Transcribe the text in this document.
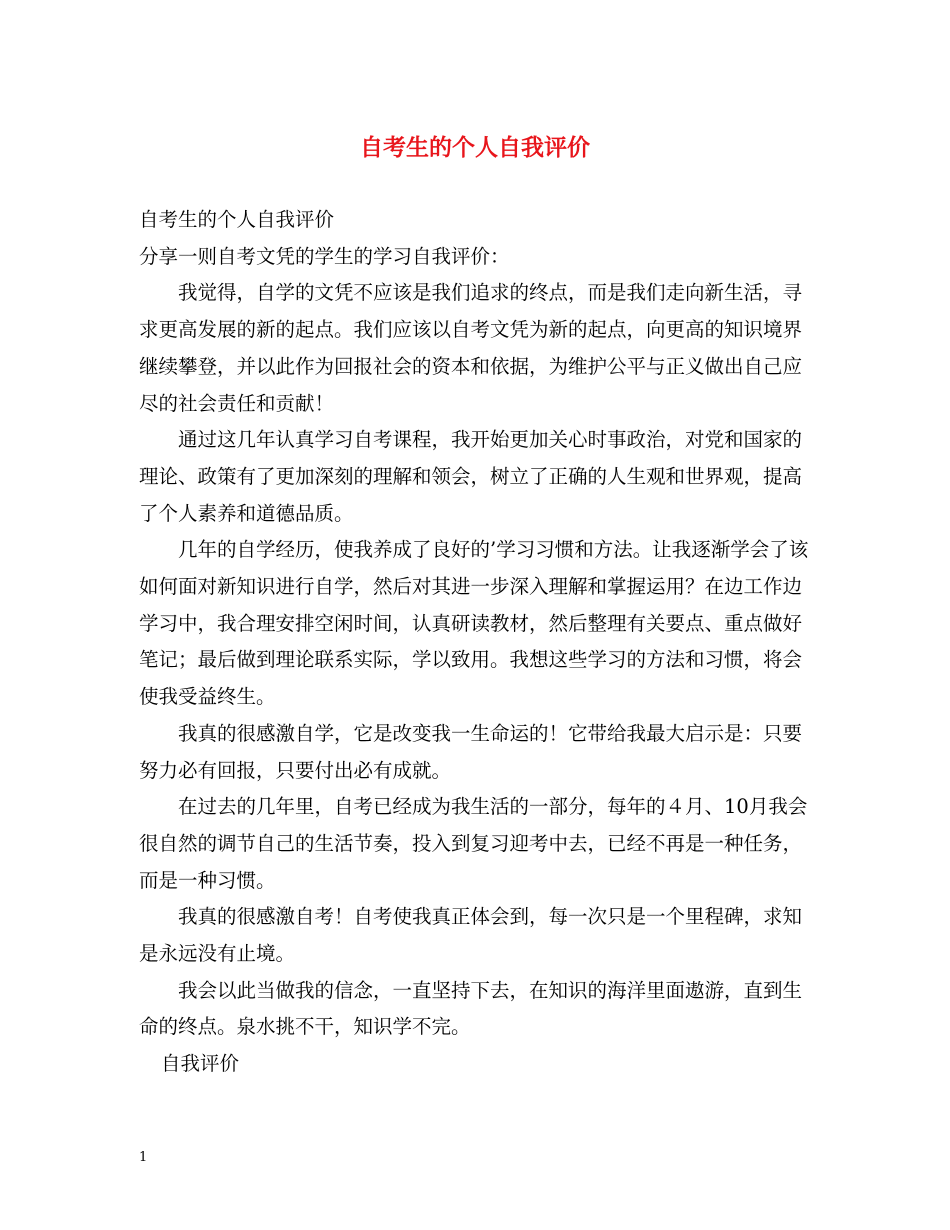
自考生的个人自我评价

自考生的个人自我评价

分享一则自考文凭的学生的学习自我评价：

我觉得，自学的文凭不应该是我们追求的终点，而是我们走向新生活，寻求更高发展的新的起点。我们应该以自考文凭为新的起点，向更高的知识境界继续攀登，并以此作为回报社会的资本和依据，为维护公平与正义做出自己应尽的社会责任和贡献！

通过这几年认真学习自考课程，我开始更加关心时事政治，对党和国家的理论、政策有了更加深刻的理解和领会，树立了正确的人生观和世界观，提高了个人素养和道德品质。

几年的自学经历，使我养成了良好的’学习习惯和方法。让我逐渐学会了该如何面对新知识进行自学，然后对其进一步深入理解和掌握运用？在边工作边学习中，我合理安排空闲时间，认真研读教材，然后整理有关要点、重点做好笔记；最后做到理论联系实际，学以致用。我想这些学习的方法和习惯，将会使我受益终生。

我真的很感激自学，它是改变我一生命运的！它带给我最大启示是：只要努力必有回报，只要付出必有成就。

在过去的几年里，自考已经成为我生活的一部分，每年的４月、10月我会很自然的调节自己的生活节奏，投入到复习迎考中去，已经不再是一种任务，而是一种习惯。

我真的很感激自考！自考使我真正体会到，每一次只是一个里程碑，求知是永远没有止境。

我会以此当做我的信念，一直坚持下去，在知识的海洋里面遨游，直到生命的终点。泉水挑不干，知识学不完。

自我评价

1
